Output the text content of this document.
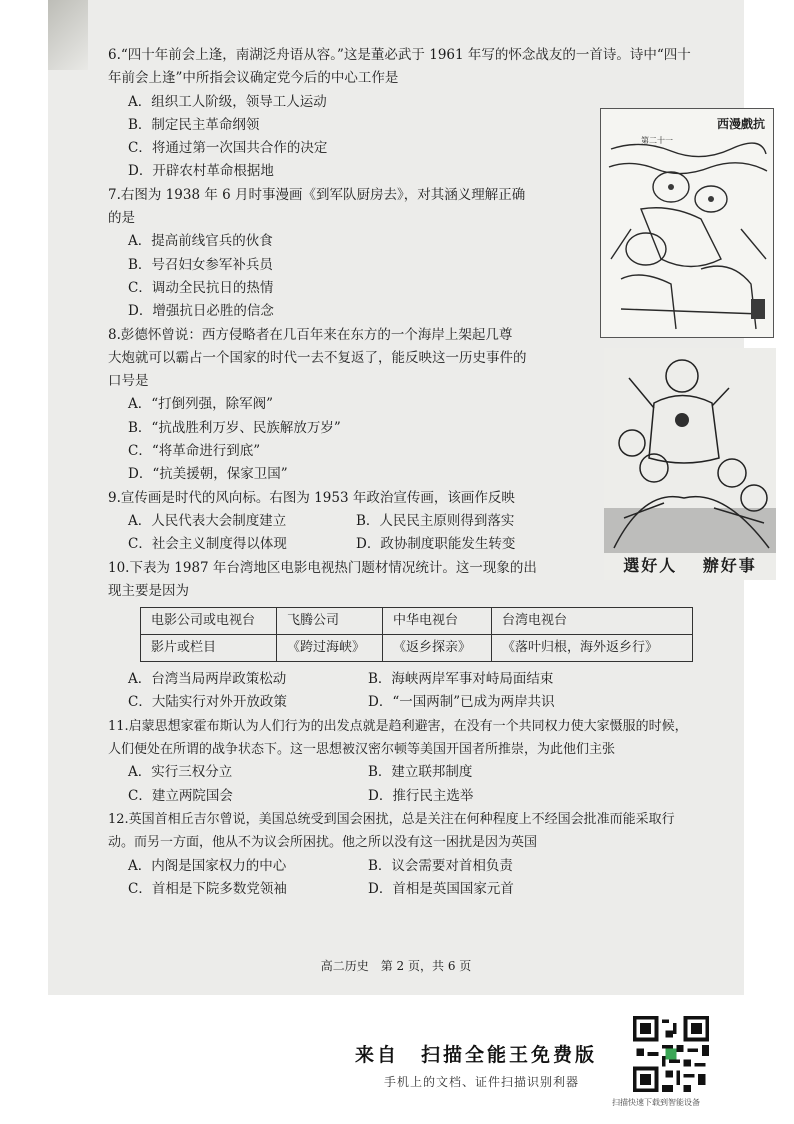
6.“四十年前会上逢，南湖泛舟语从容。”这是董必武于 1961 年写的怀念战友的一首诗。诗中“四十

年前会上逢”中所指会议确定党今后的中心工作是

A．组织工人阶级，领导工人运动

B．制定民主革命纲领

C．将通过第一次国共合作的决定

D．开辟农村革命根据地

7.右图为 1938 年 6 月时事漫画《到军队厨房去》，对其涵义理解正确

的是

A．提高前线官兵的伙食

B．号召妇女参军补兵员

C．调动全民抗日的热情

D．增强抗日必胜的信念

8.彭德怀曾说：西方侵略者在几百年来在东方的一个海岸上架起几尊

大炮就可以霸占一个国家的时代一去不复返了，能反映这一历史事件的

口号是

A．“打倒列强，除军阀”

B．“抗战胜利万岁、民族解放万岁”

C．“将革命进行到底”

D．“抗美援朝，保家卫国”

9.宣传画是时代的风向标。右图为 1953 年政治宣传画，该画作反映

A．人民代表大会制度建立	B．人民民主原则得到落实

C．社会主义制度得以体现	D．政协制度职能发生转变

10.下表为 1987 年台湾地区电影电视热门题材情况统计。这一现象的出

现主要是因为

电影公司或电视台	飞腾公司	中华电视台	台湾电视台
影片或栏目	《跨过海峡》	《返乡探亲》	《落叶归根，海外返乡行》

A．台湾当局两岸政策松动	B．海峡两岸军事对峙局面结束

C．大陆实行对外开放政策	D．“一国两制”已成为两岸共识

11.启蒙思想家霍布斯认为人们行为的出发点就是趋利避害，在没有一个共同权力使大家慑服的时候，

人们便处在所谓的战争状态下。这一思想被汉密尔顿等美国开国者所推崇，为此他们主张

A．实行三权分立	B．建立联邦制度

C．建立两院国会	D．推行民主选举

12.英国首相丘吉尔曾说，美国总统受到国会困扰，总是关注在何种程度上不经国会批准而能采取行

动。而另一方面，他从不为议会所困扰。他之所以没有这一困扰是因为英国

A．内阁是国家权力的中心	B．议会需要对首相负责

C．首相是下院多数党领袖	D．首相是英国国家元首

西漫戲抗
第二十一
選好人 辦好事
高二历史　第 2 页，共 6 页
来自　扫描全能王免费版
手机上的文档、证件扫描识别利器
扫描快速下载到智能设备
